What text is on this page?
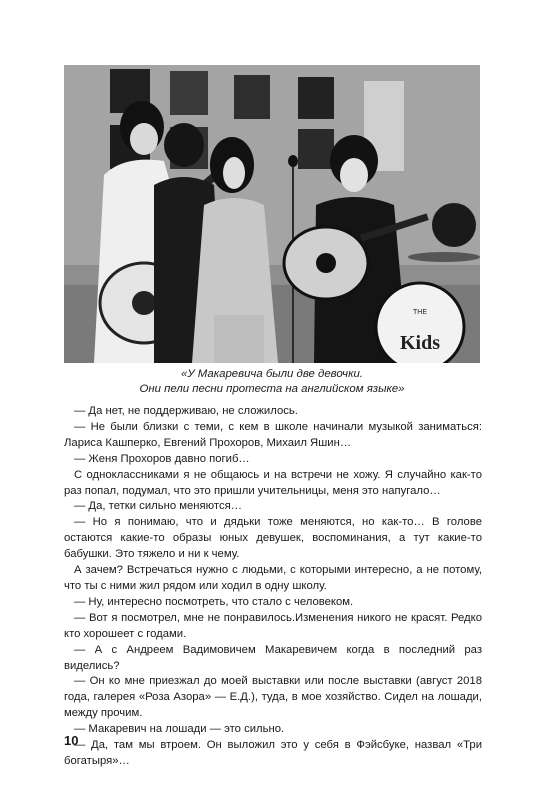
THE
Kids

«У Макаревича были две девочки.

Они пели песни протеста на английском языке»

— Да нет, не поддерживаю, не сложилось.

— Не были близки с теми, с кем в школе начинали музыкой заниматься: Лариса Кашперко, Евгений Прохоров, Михаил Яшин…

— Женя Прохоров давно погиб…

С одноклассниками я не общаюсь и на встречи не хожу. Я случайно как-то раз попал, подумал, что это пришли учительницы, меня это напугало…

— Да, тетки сильно меняются…

— Но я понимаю, что и дядьки тоже меняются, но как-то… В голове остаются какие-то образы юных девушек, воспоминания, а тут какие-то бабушки. Это тяжело и ни к чему.

А зачем? Встречаться нужно с людьми, с которыми интересно, а не потому, что ты с ними жил рядом или ходил в одну школу.

— Ну, интересно посмотреть, что стало с человеком.

— Вот я посмотрел, мне не понравилось.Изменения никого не красят. Редко кто хорошеет с годами.

— А с Андреем Вадимовичем Макаревичем когда в последний раз виделись?

— Он ко мне приезжал до моей выставки или после выставки (август 2018 года, галерея «Роза Азора» — Е.Д.), туда, в мое хозяйство. Сидел на лошади, между прочим.

— Макаревич на лошади — это сильно.

— Да, там мы втроем. Он выложил это у себя в Фэйсбуке, назвал «Три богатыря»…

10
